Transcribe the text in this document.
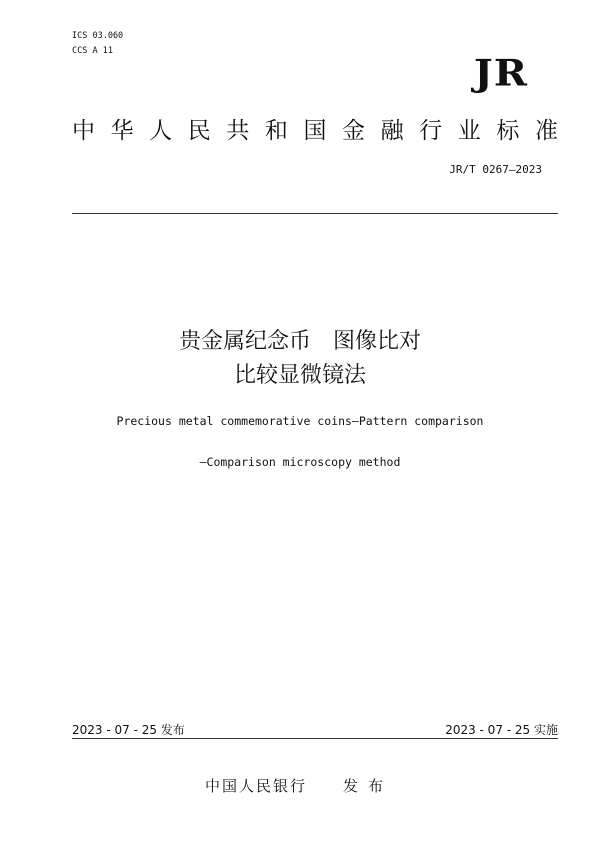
ICS 03.060
CCS A 11
JR
中 华 人 民 共 和 国 金 融 行 业 标 准
JR/T 0267—2023
贵金属纪念币　图像比对
比较显微镜法
Precious metal commemorative coins—Pattern comparison
—Comparison microscopy method
2023 - 07 - 25 发布	2023 - 07 - 25 实施
中国人民银行 发布
